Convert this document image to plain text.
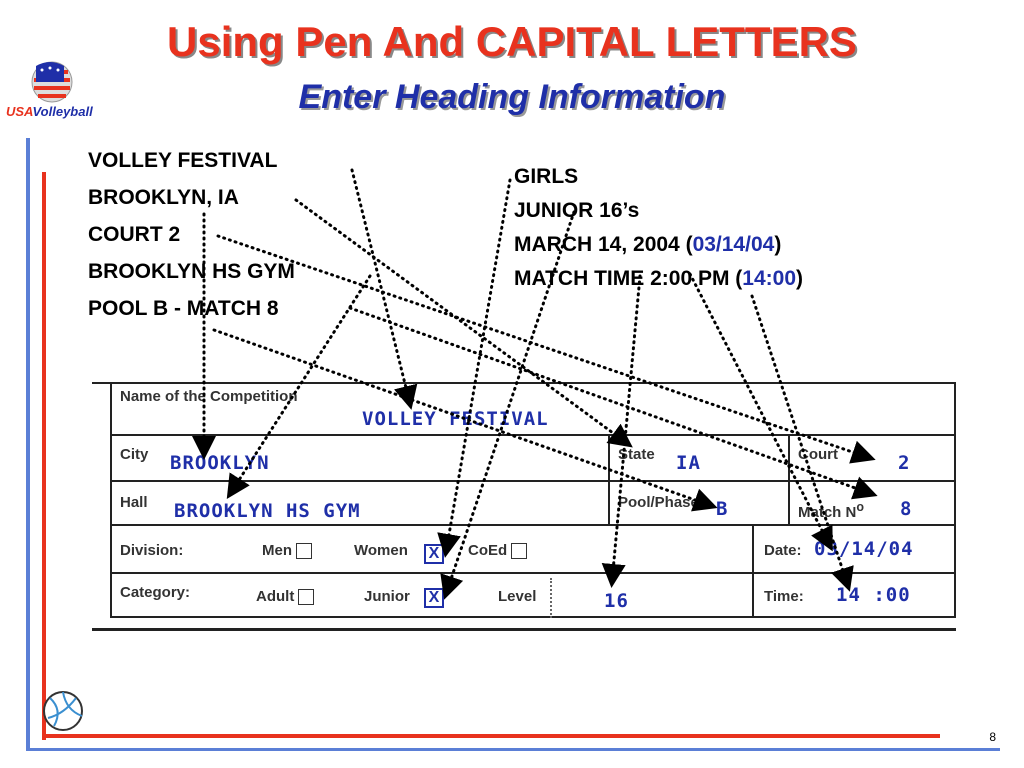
USAVolleyball
Using Pen And CAPITAL LETTERS
Enter Heading Information
VOLLEY FESTIVAL
BROOKLYN, IA
COURT 2
BROOKLYN HS GYM
POOL B - MATCH 8
GIRLS
JUNIOR 16’s
MARCH 14, 2004 (03/14/04)
MATCH TIME 2:00 PM (14:00)
Name of the Competition
VOLLEY FESTIVAL
City BROOKLYN	State IA	Court	2
Hall BROOKLYN HS GYM	Pool/Phase B	Match $N^o$ 8
Division:	Men	Women X	CoEd	Date: 03/14/04
Category:	Adult	Junior X	Level	16	Time: 14 :00
8
